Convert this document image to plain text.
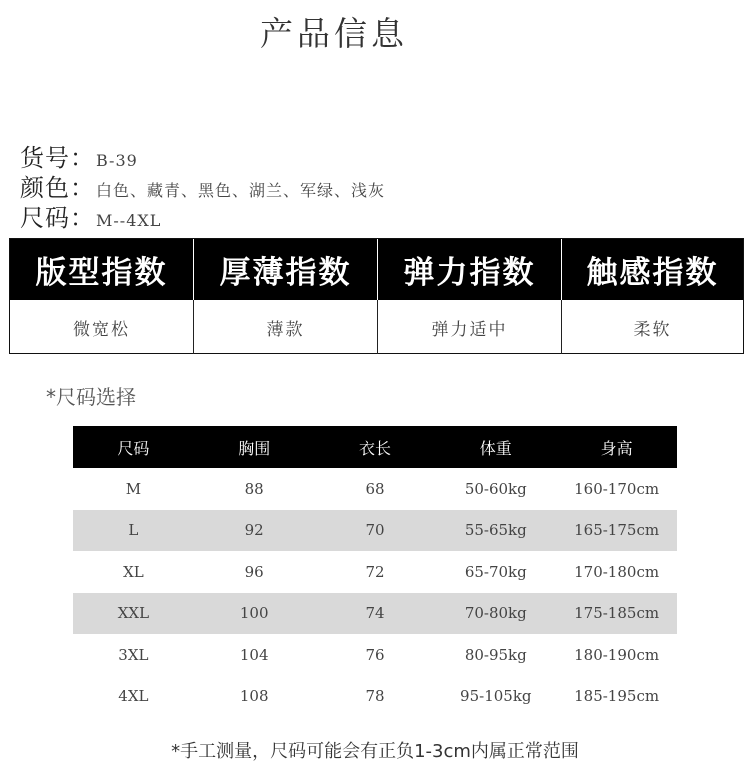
产品信息
货号：B-39
颜色：白色、藏青、黑色、湖兰、军绿、浅灰
尺码：M--4XL
版型指数	厚薄指数	弹力指数	触感指数
微宽松	薄款	弹力适中	柔软
*尺码选择
尺码	胸围	衣长	体重	身高
M	88	68	50-60kg	160-170cm
L	92	70	55-65kg	165-175cm
XL	96	72	65-70kg	170-180cm
XXL	100	74	70-80kg	175-185cm
3XL	104	76	80-95kg	180-190cm
4XL	108	78	95-105kg	185-195cm
*手工测量，尺码可能会有正负1-3cm内属正常范围
